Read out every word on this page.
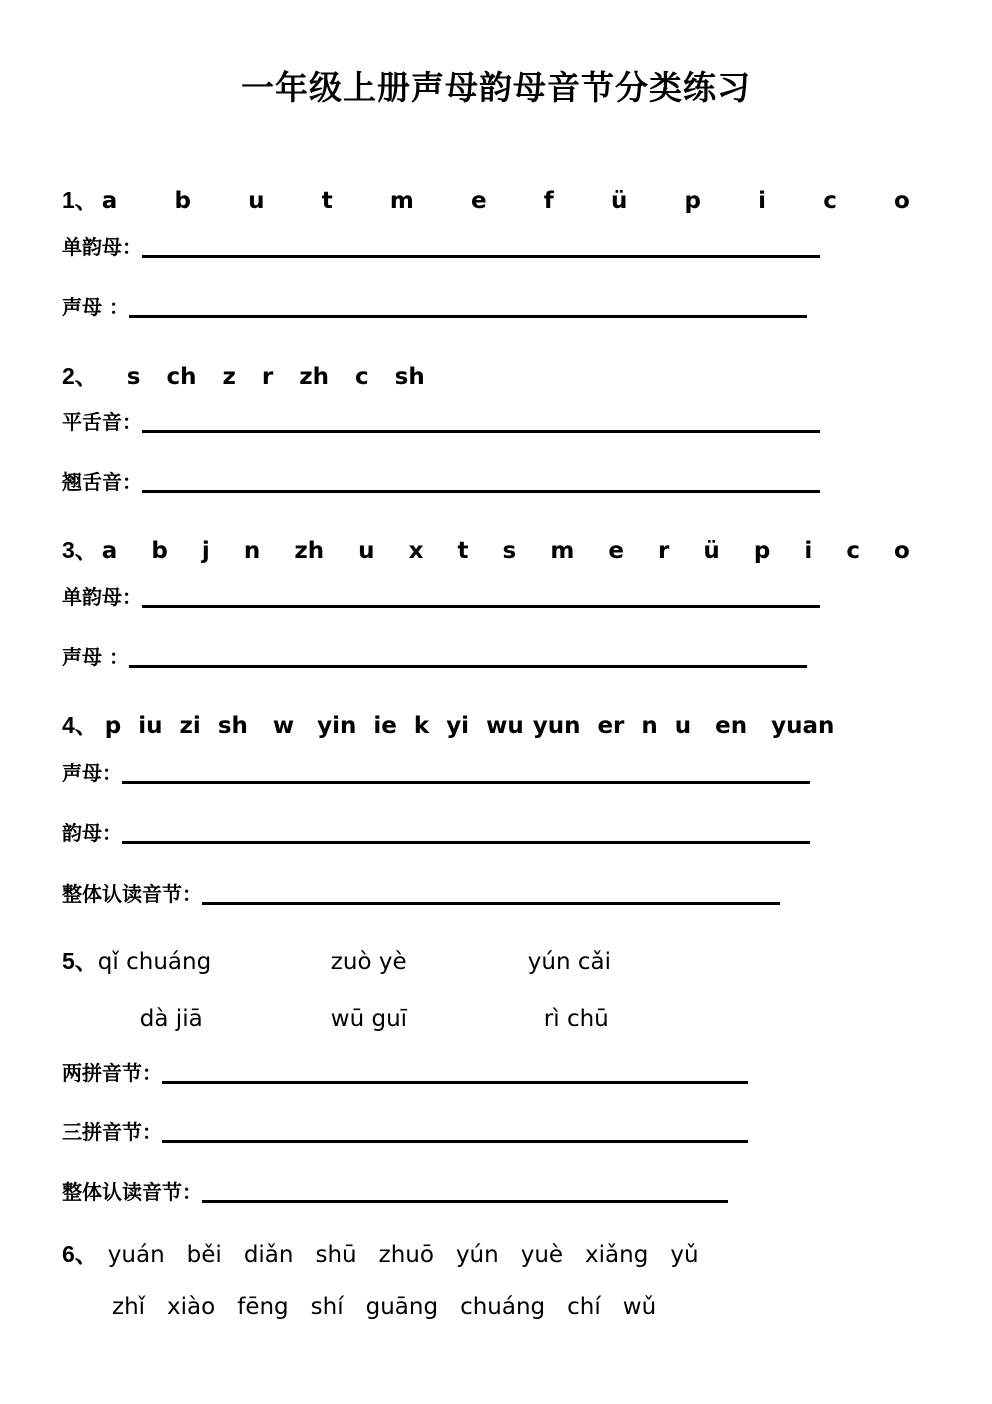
一年级上册声母韵母音节分类练习
1、 a b u t m e f ü p i c o
单韵母：
声母 ：
2、 s ch z r zh c sh
平舌音：
翘舌音：
3、 a b j n zh u x t s m e r ü p i c o
单韵母：
声母 ：
4、 p iu zi sh w yin ie k yi wu yun er n u en yuan
声母：
韵母：
整体认读音节：
5、 qǐ chuáng	zuò yè	yún cǎi
dà jiā	wū guī	rì chū
两拼音节：
三拼音节：
整体认读音节：
6、 yuán běi diǎn shū zhuō yún yuè xiǎng yǔ
zhǐ xiào fēng shí guāng chuáng chí wǔ
